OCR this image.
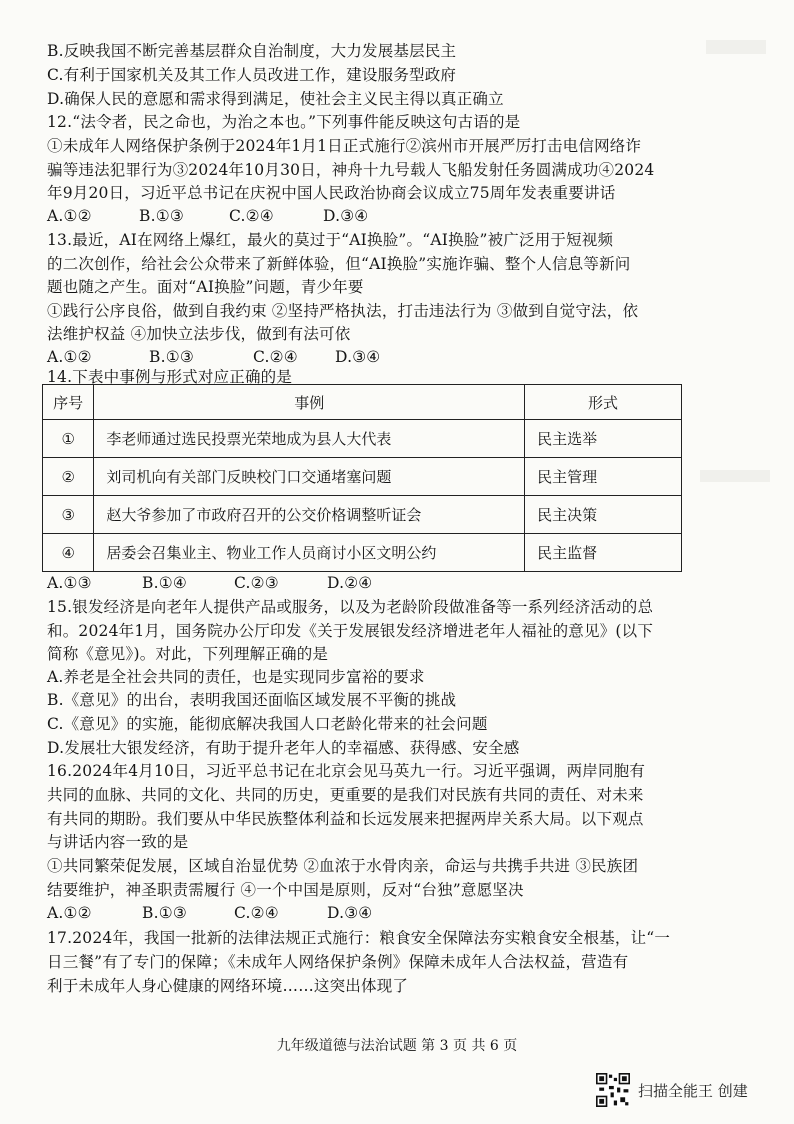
B.反映我国不断完善基层群众自治制度，大力发展基层民主
C.有利于国家机关及其工作人员改进工作，建设服务型政府
D.确保人民的意愿和需求得到满足，使社会主义民主得以真正确立
12.“法令者，民之命也，为治之本也。”下列事件能反映这句古语的是
①未成年人网络保护条例于2024年1月1日正式施行②滨州市开展严厉打击电信网络诈
骗等违法犯罪行为③2024年10月30日，神舟十九号载人飞船发射任务圆满成功④2024
年9月20日，习近平总书记在庆祝中国人民政治协商会议成立75周年发表重要讲话
A.①②	B.①③	C.②④	D.③④
13.最近，AI在网络上爆红，最火的莫过于“AI换脸”。“AI换脸”被广泛用于短视频
的二次创作，给社会公众带来了新鲜体验，但“AI换脸”实施诈骗、整个人信息等新问
题也随之产生。面对“AI换脸”问题，青少年要
①践行公序良俗，做到自我约束 ②坚持严格执法，打击违法行为 ③做到自觉守法，依
法维护权益 ④加快立法步伐，做到有法可依
A.①②	B.①③	C.②④ D.③④
14.下表中事例与形式对应正确的是
序号	事例	形式
①	李老师通过选民投票光荣地成为县人大代表	民主选举
②	刘司机向有关部门反映校门口交通堵塞问题	民主管理
③	赵大爷参加了市政府召开的公交价格调整听证会	民主决策
④	居委会召集业主、物业工作人员商讨小区文明公约	民主监督
A.①③	B.①④	C.②③	D.②④
15.银发经济是向老年人提供产品或服务，以及为老龄阶段做准备等一系列经济活动的总
和。2024年1月，国务院办公厅印发《关于发展银发经济增进老年人福祉的意见》(以下
简称《意见》)。对此，下列理解正确的是
A.养老是全社会共同的责任，也是实现同步富裕的要求
B.《意见》的出台，表明我国还面临区域发展不平衡的挑战
C.《意见》的实施，能彻底解决我国人口老龄化带来的社会问题
D.发展壮大银发经济，有助于提升老年人的幸福感、获得感、安全感
16.2024年4月10日，习近平总书记在北京会见马英九一行。习近平强调，两岸同胞有
共同的血脉、共同的文化、共同的历史，更重要的是我们对民族有共同的责任、对未来
有共同的期盼。我们要从中华民族整体利益和长远发展来把握两岸关系大局。以下观点
与讲话内容一致的是
①共同繁荣促发展，区域自治显优势 ②血浓于水骨肉亲，命运与共携手共进 ③民族团
结要维护，神圣职责需履行 ④一个中国是原则，反对“台独”意愿坚决
A.①②	B.①③	C.②④	D.③④
17.2024年，我国一批新的法律法规正式施行：粮食安全保障法夯实粮食安全根基，让“一
日三餐”有了专门的保障；《未成年人网络保护条例》保障未成年人合法权益，营造有
利于未成年人身心健康的网络环境……这突出体现了
九年级道德与法治试题 第 3 页 共 6 页
扫描全能王 创建
